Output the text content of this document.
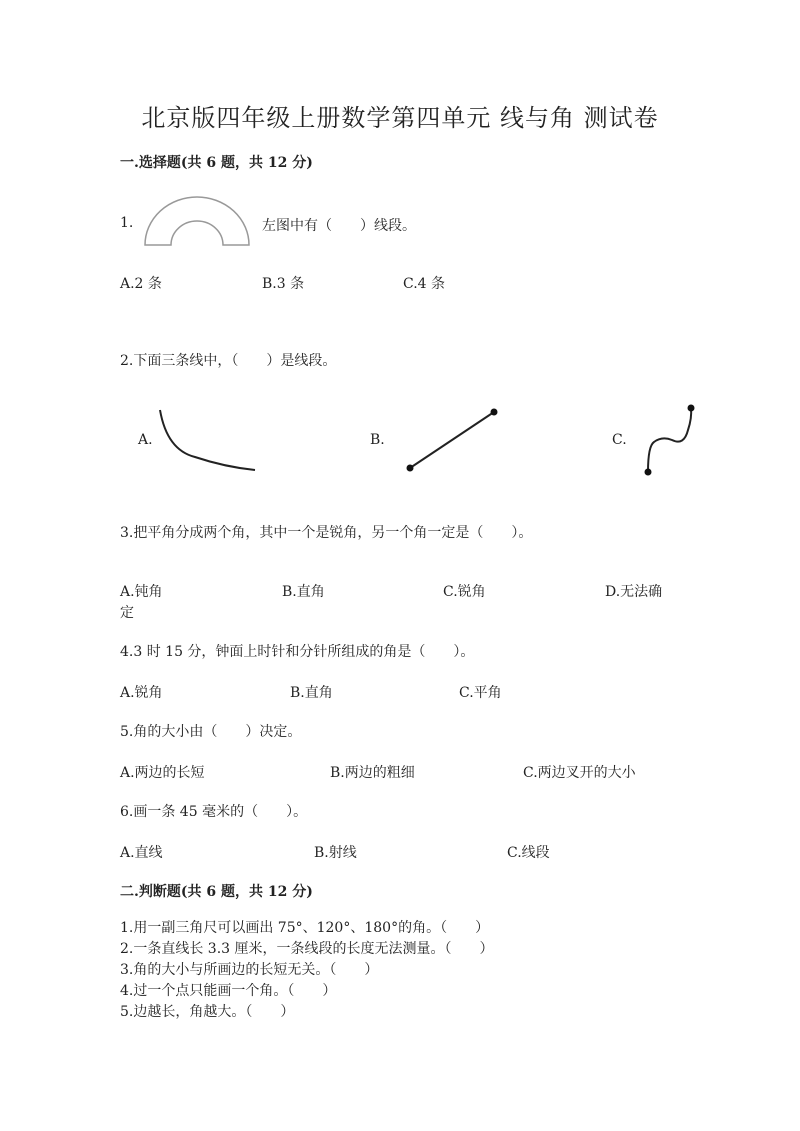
北京版四年级上册数学第四单元 线与角 测试卷
一.选择题(共 6 题，共 12 分)
1.	左图中有（　　）线段。
A.2 条	B.3 条	C.4 条
2.下面三条线中，（　　）是线段。
A.	B.	C.
3.把平角分成两个角，其中一个是锐角，另一个角一定是（　　）。
A.钝角	B.直角	C.锐角	D.无法确
定
4.3 时 15 分，钟面上时针和分针所组成的角是（　　）。
A.锐角	B.直角	C.平角
5.角的大小由（　　）决定。
A.两边的长短	B.两边的粗细	C.两边叉开的大小
6.画一条 45 毫米的（　　）。
A.直线	B.射线	C.线段
二.判断题(共 6 题，共 12 分)
1.用一副三角尺可以画出 75°、120°、180°的角。（　　）
2.一条直线长 3.3 厘米，一条线段的长度无法测量。（　　）
3.角的大小与所画边的长短无关。（　　）
4.过一个点只能画一个角。（　　）
5.边越长，角越大。（　　）
